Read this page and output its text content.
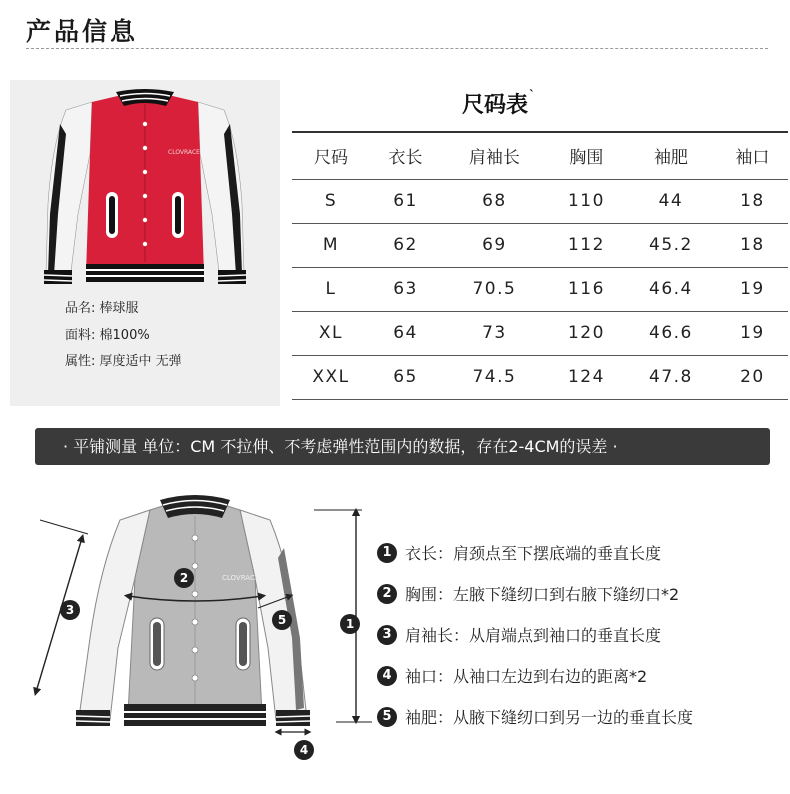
产品信息
CLOVRACE
品名: 棒球服
面料: 棉100%
属性: 厚度适中 无弹
尺码表$^ˋ$
尺码	衣长	肩袖长	胸围	袖肥	袖口
S	61	68	110	44	18
M	62	69	112	45.2	18
L	63	70.5	116	46.4	19
XL	64	73	120	46.6	19
XXL	65	74.5	124	47.8	20
· 平铺测量 单位：CM 不拉伸、不考虑弹性范围内的数据，存在2-4CM的误差 ·
CLOVRACE
1
2
3
4
5
1 衣长： 肩颈点至下摆底端的垂直长度
2 胸围： 左腋下缝纫口到右腋下缝纫口*2
3 肩袖长： 从肩端点到袖口的垂直长度
4 袖口： 从袖口左边到右边的距离*2
5 袖肥： 从腋下缝纫口到另一边的垂直长度
